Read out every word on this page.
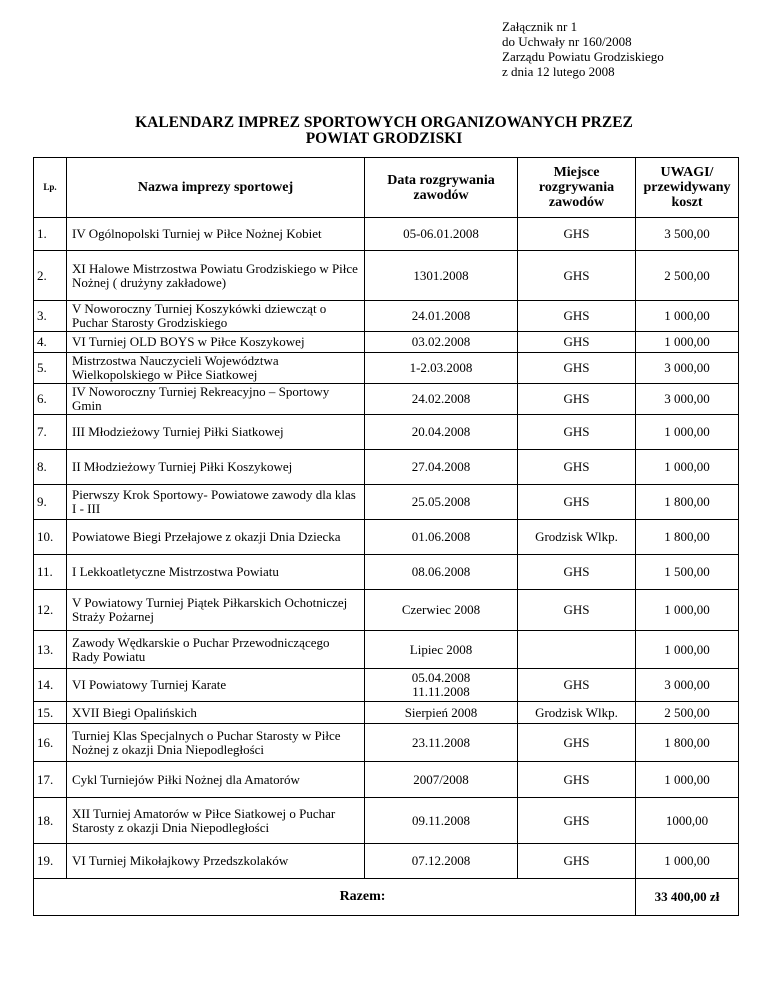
Załącznik nr 1
do Uchwały nr 160/2008
Zarządu Powiatu Grodziskiego
z dnia 12 lutego 2008
KALENDARZ IMPREZ SPORTOWYCH ORGANIZOWANYCH PRZEZ
POWIAT GRODZISKI
Lp.	Nazwa imprezy sportowej	Data rozgrywania zawodów	Miejsce rozgrywania zawodów	UWAGI/ przewidywany koszt
1.	IV Ogólnopolski Turniej w Piłce Nożnej Kobiet	05-06.01.2008	GHS	3 500,00
2.	XI Halowe Mistrzostwa Powiatu Grodziskiego w Piłce Nożnej ( drużyny zakładowe)	1301.2008	GHS	2 500,00
3.	V Noworoczny Turniej Koszykówki dziewcząt o Puchar Starosty Grodziskiego	24.01.2008	GHS	1 000,00
4.	VI Turniej OLD BOYS w Piłce Koszykowej	03.02.2008	GHS	1 000,00
5.	Mistrzostwa Nauczycieli Województwa Wielkopolskiego w Piłce Siatkowej	1-2.03.2008	GHS	3 000,00
6.	IV Noworoczny Turniej Rekreacyjno – Sportowy Gmin	24.02.2008	GHS	3 000,00
7.	III Młodzieżowy Turniej Piłki Siatkowej	20.04.2008	GHS	1 000,00
8.	II Młodzieżowy Turniej Piłki Koszykowej	27.04.2008	GHS	1 000,00
9.	Pierwszy Krok Sportowy- Powiatowe zawody dla klas I - III	25.05.2008	GHS	1 800,00
10.	Powiatowe Biegi Przełajowe z okazji Dnia Dziecka	01.06.2008	Grodzisk Wlkp.	1 800,00
11.	I Lekkoatletyczne Mistrzostwa Powiatu	08.06.2008	GHS	1 500,00
12.	V Powiatowy Turniej Piątek Piłkarskich Ochotniczej Straży Pożarnej	Czerwiec 2008	GHS	1 000,00
13.	Zawody Wędkarskie o Puchar Przewodniczącego Rady Powiatu	Lipiec 2008		1 000,00
14.	VI Powiatowy Turniej Karate	05.04.2008
11.11.2008	GHS	3 000,00
15.	XVII Biegi Opalińskich	Sierpień 2008	Grodzisk Wlkp.	2 500,00
16.	Turniej Klas Specjalnych o Puchar Starosty w Piłce Nożnej z okazji Dnia Niepodległości	23.11.2008	GHS	1 800,00
17.	Cykl Turniejów Piłki Nożnej dla Amatorów	2007/2008	GHS	1 000,00
18.	XII Turniej Amatorów w Piłce Siatkowej o Puchar Starosty z okazji Dnia Niepodległości	09.11.2008	GHS	1000,00
19.	VI Turniej Mikołajkowy Przedszkolaków	07.12.2008	GHS	1 000,00
Razem:				33 400,00 zł
